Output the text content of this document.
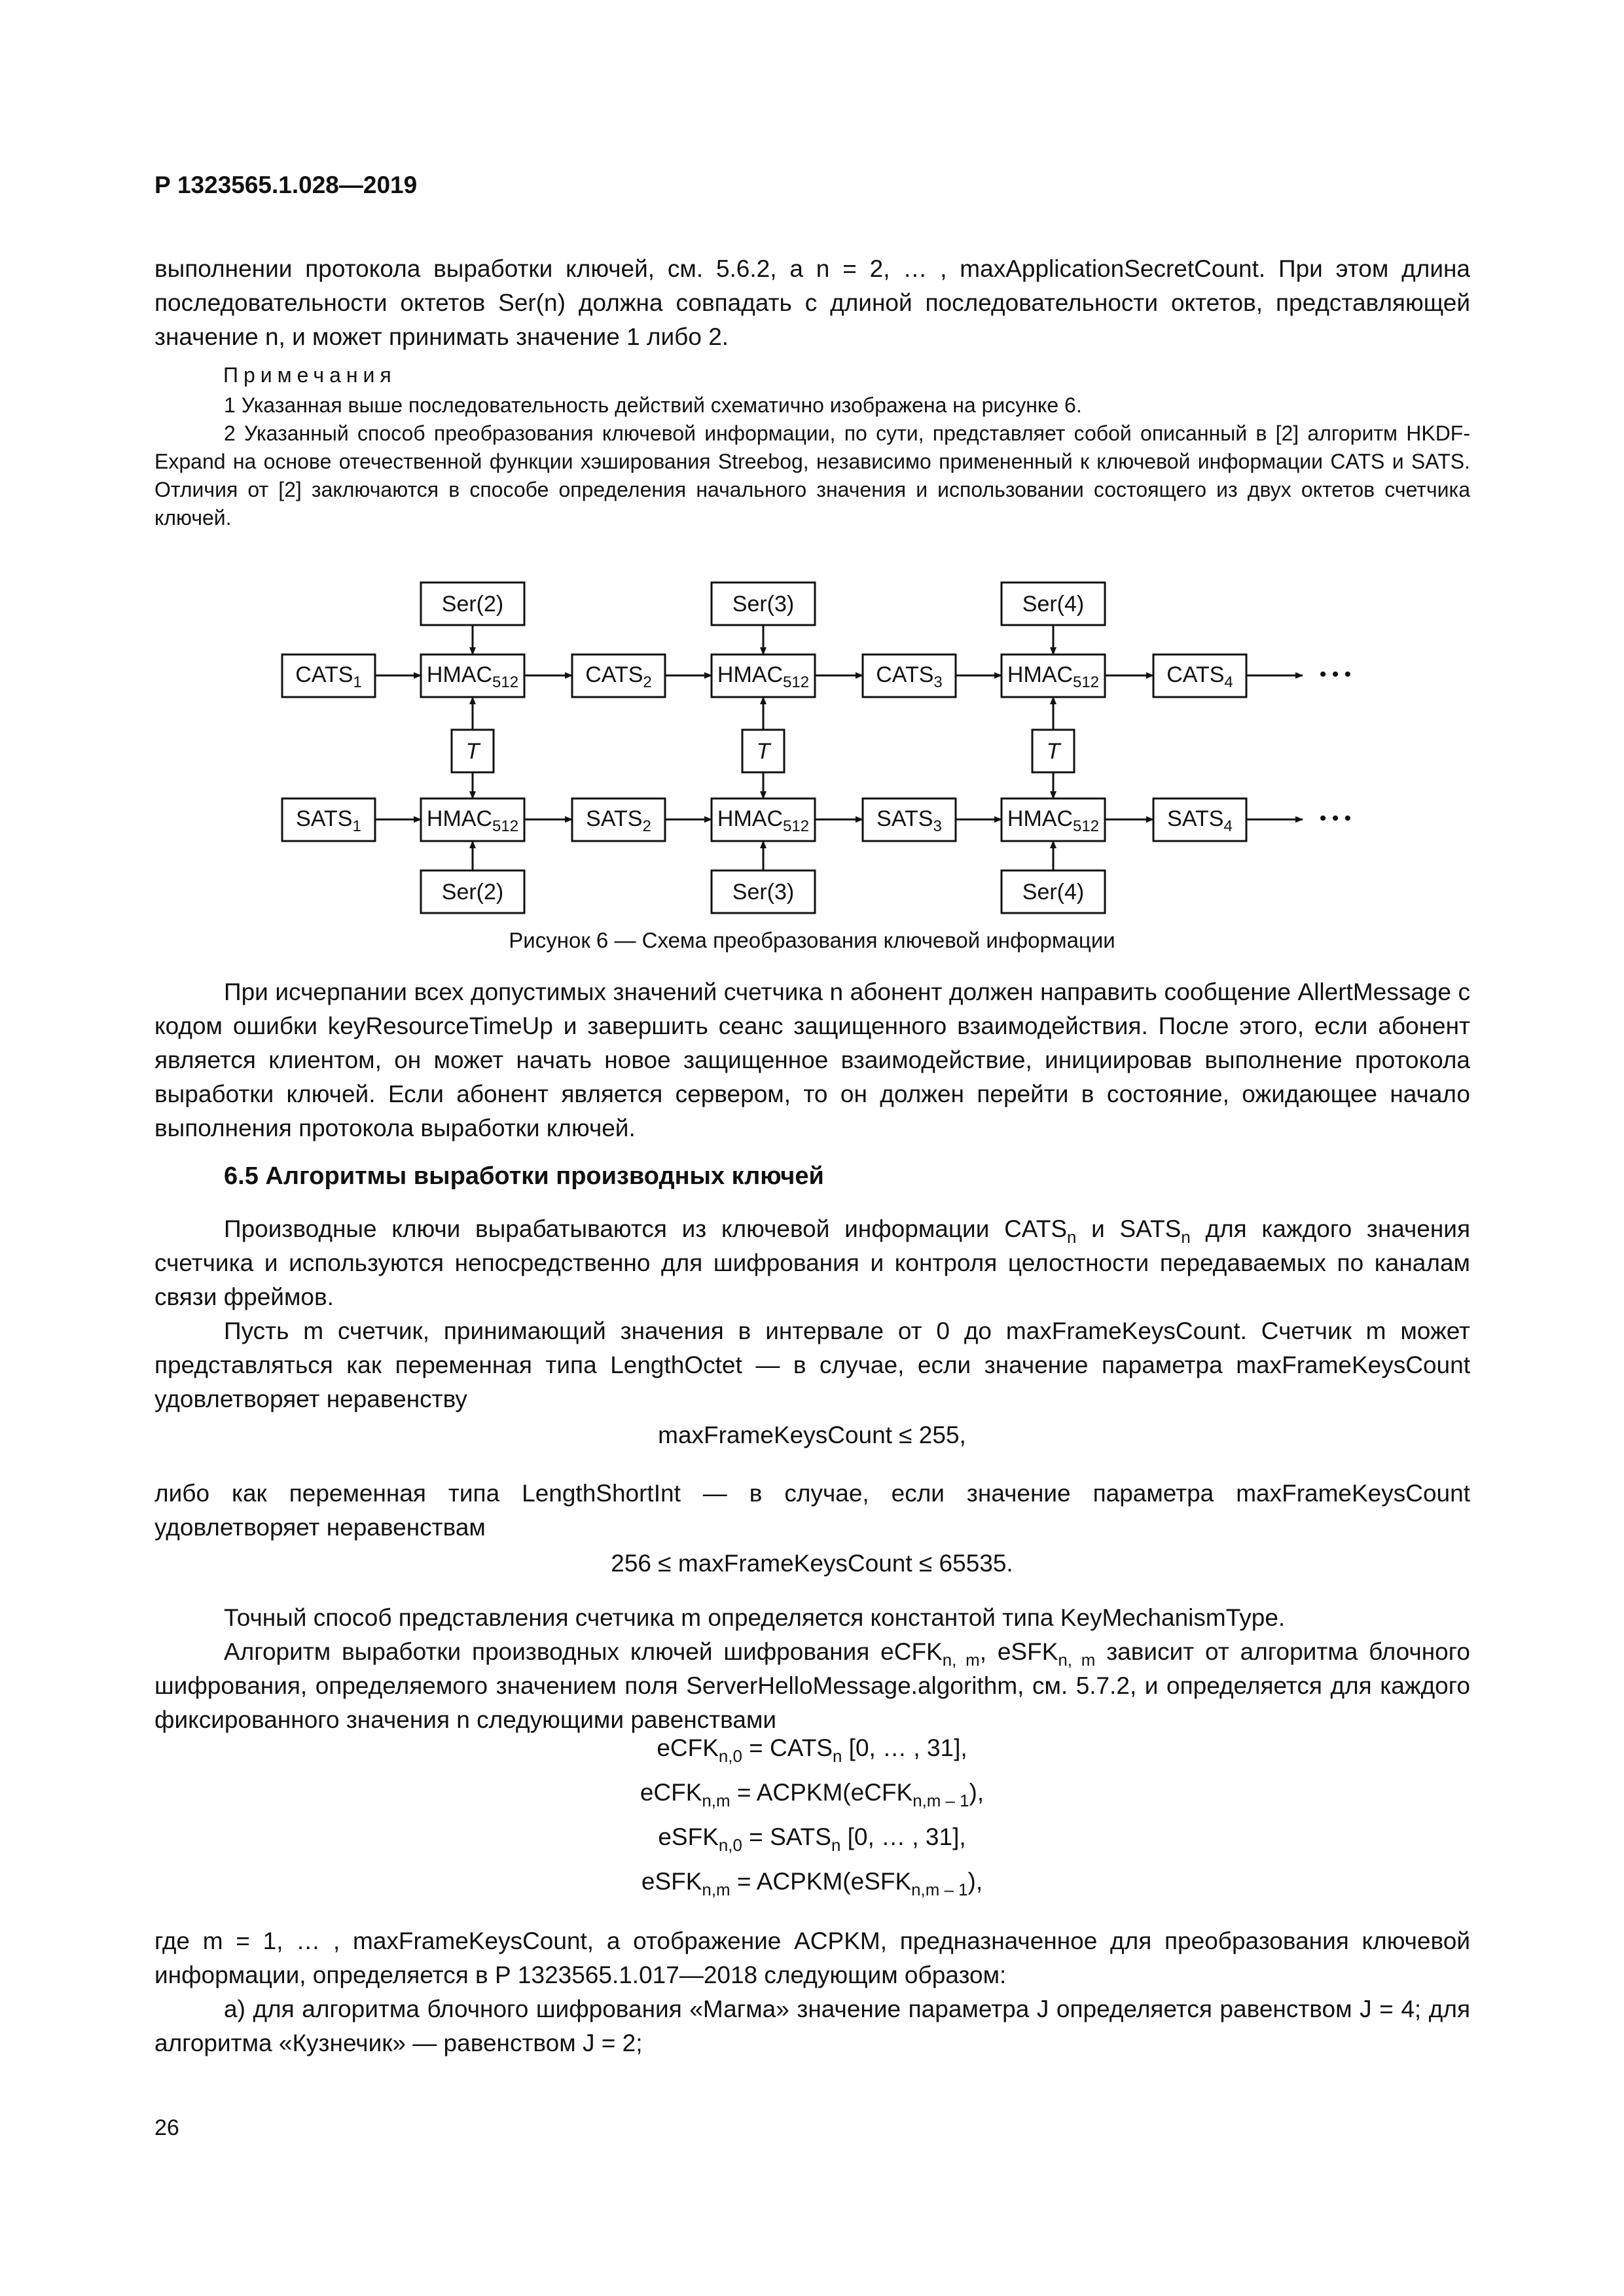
Р 1323565.1.028—2019

выполнении протокола выработки ключей, см. 5.6.2, а n = 2, … , maxApplicationSecretCount. При этом длина последовательности октетов Ser(n) должна совпадать с длиной последовательности октетов, представляющей значение n, и может принимать значение 1 либо 2.

Примечания

1 Указанная выше последовательность действий схематично изображена на рисунке 6.

2 Указанный способ преобразования ключевой информации, по сути, представляет собой описанный в [2] алгоритм HKDF-Expand на основе отечественной функции хэширования Streebog, независимо примененный к ключевой информации CATS и SATS. Отличия от [2] заключаются в способе определения начального значения и использовании состоящего из двух октетов счетчика ключей.

Ser(2)	Ser(3)	Ser(4)
$CATS_1$	$CATS_2$	$CATS_3$	$CATS_4$
$HMAC_{512}$	$HMAC_{512}$	$HMAC_{512}$
T	T	T
$SATS_1$	$SATS_2$	$SATS_3$	$SATS_4$
$HMAC_{512}$	$HMAC_{512}$	$HMAC_{512}$
Ser(2)	Ser(3)	Ser(4)
• • •
• • •
Рисунок 6 — Схема преобразования ключевой информации

При исчерпании всех допустимых значений счетчика n абонент должен направить сообщение AllertMessage с кодом ошибки keyResourceTimeUp и завершить сеанс защищенного взаимодействия. После этого, если абонент является клиентом, он может начать новое защищенное взаимодействие, инициировав выполнение протокола выработки ключей. Если абонент является сервером, то он должен перейти в состояние, ожидающее начало выполнения протокола выработки ключей.

6.5 Алгоритмы выработки производных ключей

Производные ключи вырабатываются из ключевой информации $CATS_n$ и $SATS_n$ для каждого значения счетчика и используются непосредственно для шифрования и контроля целостности передаваемых по каналам связи фреймов.

Пусть m счетчик, принимающий значения в интервале от 0 до maxFrameKeysCount. Счетчик m может представляться как переменная типа LengthOctet — в случае, если значение параметра maxFrameKeysCount удовлетворяет неравенству

maxFrameKeysCount ≤ 255,

либо как переменная типа LengthShortInt — в случае, если значение параметра maxFrameKeysCount удовлетворяет неравенствам

256 ≤ maxFrameKeysCount ≤ 65535.

Точный способ представления счетчика m определяется константой типа KeyMechanismType.

Алгоритм выработки производных ключей шифрования eCFK$_{n, m}$, eSFK$_{n, m}$ зависит от алгоритма блочного шифрования, определяемого значением поля ServerHelloMessage.algorithm, см. 5.7.2, и определяется для каждого фиксированного значения n следующими равенствами

eCFK$_{n,0}$ = $CATS_n$ [0, … , 31],
eCFK$_{n,m}$ = ACPKM(eCFK$_{n,m - 1}$),
eSFK$_{n,0}$ = $SATS_n$ [0, … , 31],
eSFK$_{n,m}$ = ACPKM(eSFK$_{n,m - 1}$),

где m = 1, … , maxFrameKeysCount, а отображение ACPKM, предназначенное для преобразования ключевой информации, определяется в Р 1323565.1.017—2018 следующим образом:

а) для алгоритма блочного шифрования «Магма» значение параметра J определяется равенством J = 4; для алгоритма «Кузнечик» — равенством J = 2;

26
